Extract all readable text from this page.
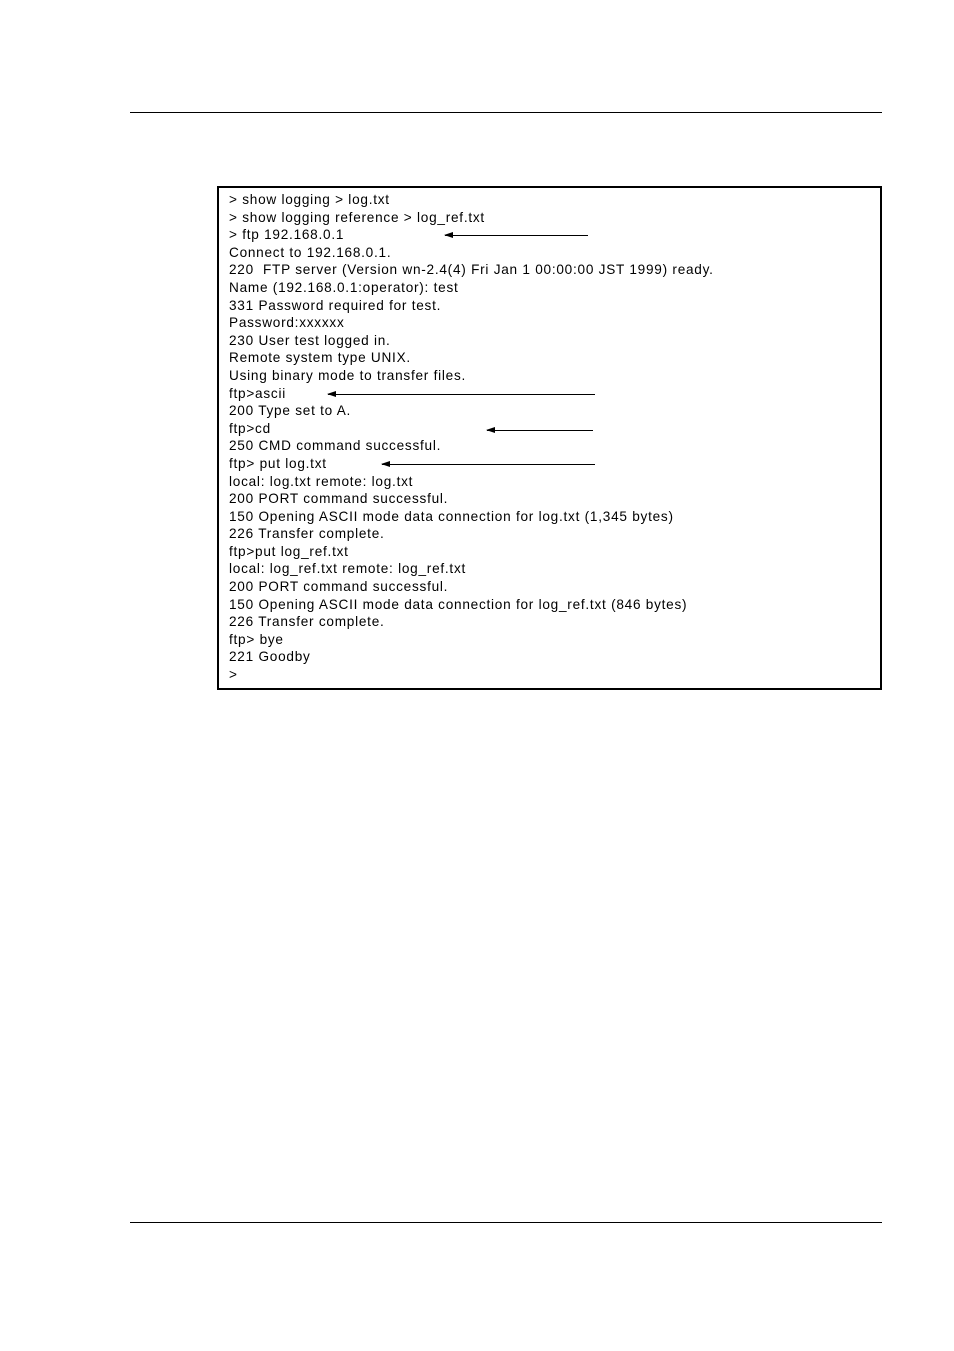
> show logging > log.txt
> show logging reference > log_ref.txt
> ftp 192.168.0.1
Connect to 192.168.0.1.
220  FTP server (Version wn-2.4(4) Fri Jan 1 00:00:00 JST 1999) ready.
Name (192.168.0.1:operator): test
331 Password required for test.
Password:xxxxxx
230 User test logged in.
Remote system type UNIX.
Using binary mode to transfer files.
ftp>ascii
200 Type set to A.
ftp>cd
250 CMD command successful.
ftp> put log.txt
local: log.txt remote: log.txt
200 PORT command successful.
150 Opening ASCII mode data connection for log.txt (1,345 bytes)
226 Transfer complete.
ftp>put log_ref.txt
local: log_ref.txt remote: log_ref.txt
200 PORT command successful.
150 Opening ASCII mode data connection for log_ref.txt (846 bytes)
226 Transfer complete.
ftp> bye
221 Goodby
>
